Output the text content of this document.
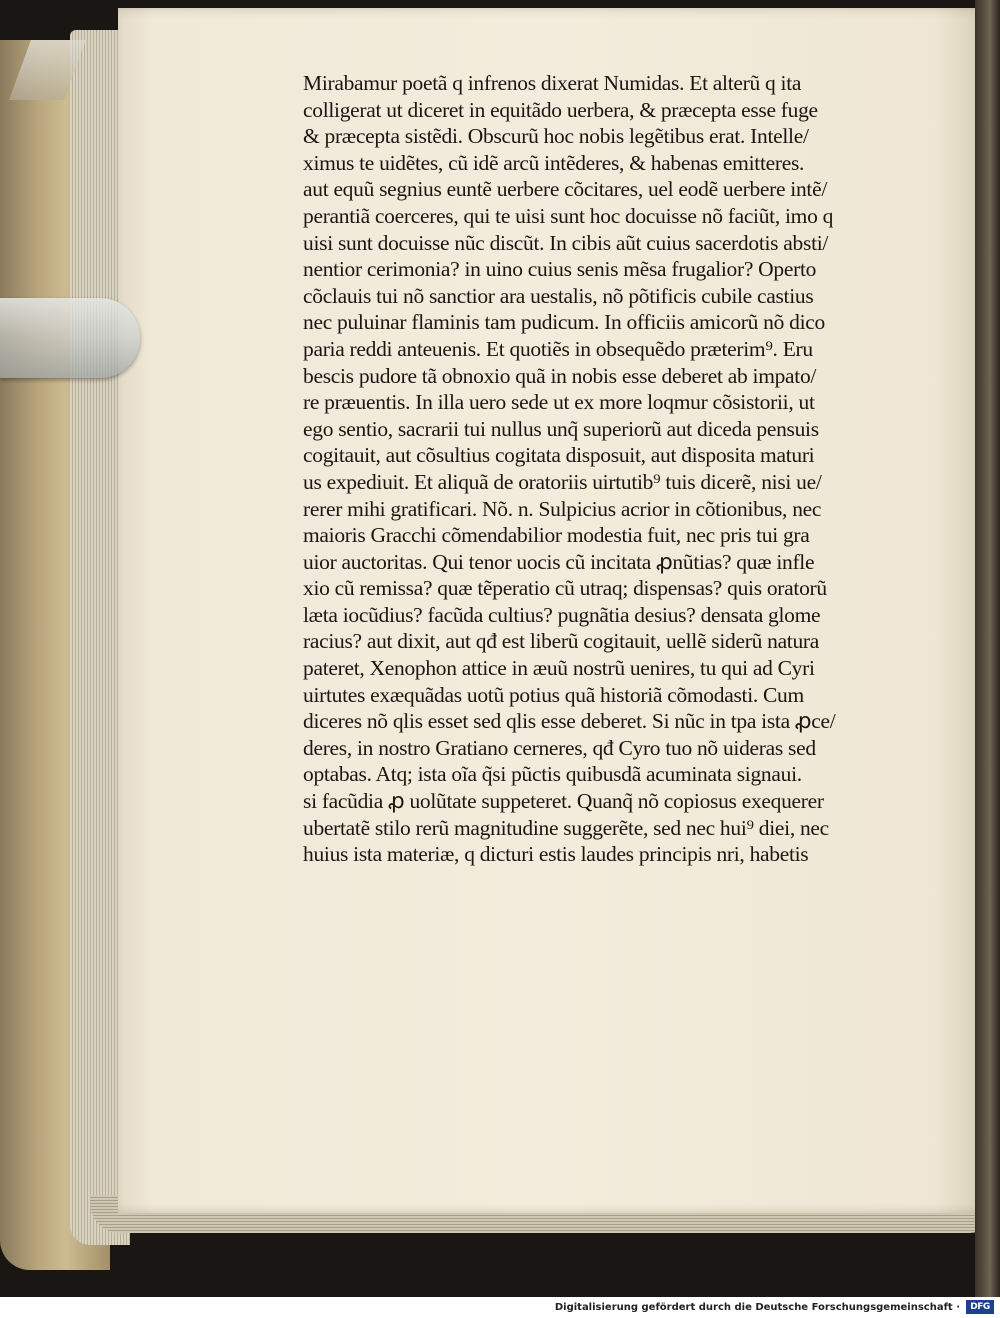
Mirabamur poetã q infrenos dixerat Numidas. Et alterũ q ita

colligerat ut diceret in equitãdo uerbera, & præcepta esse fuge

& præcepta sistẽdi. Obscurũ hoc nobis legẽtibus erat. Intelle/

ximus te uidẽtes, cũ idẽ arcũ intẽderes, & habenas emitteres.

aut equũ segnius euntẽ uerbere cõcitares, uel eodẽ uerbere intẽ/

perantiã coerceres, qui te uisi sunt hoc docuisse nõ faciũt, imo q

uisi sunt docuisse nũc discũt. In cibis aũt cuius sacerdotis absti/

nentior cerimonia? in uino cuius senis mẽsa frugalior? Operto

cõclauis tui nõ sanctior ara uestalis, nõ põtificis cubile castius

nec puluinar flaminis tam pudicum. In officiis amicorũ nõ dico

paria reddi anteuenis. Et quotiẽs in obsequẽdo præterim⁹. Eru

bescis pudore tã obnoxio quã in nobis esse deberet ab impato/

re præuentis. In illa uero sede ut ex more loqmur cõsistorii, ut

ego sentio, sacrarii tui nullus unq̃ superiorũ aut diceda pensuis

cogitauit, aut cõsultius cogitata disposuit, aut disposita maturi

us expediuit. Et aliquã de oratoriis uirtutib⁹ tuis dicerẽ, nisi ue/

rerer mihi gratificari. Nõ. n. Sulpicius acrior in cõtionibus, nec

maioris Gracchi cõmendabilior modestia fuit, nec pris tui gra

uior auctoritas. Qui tenor uocis cũ incitata ꝓnũtias? quæ inflе

xio cũ remissa? quæ tẽperatio cũ utraq; dispensas? quis oratorũ

læta iocũdius? facũda cultius? pugnãtia desius? densata glome

racius? aut dixit, aut qđ est liberũ cogitauit, uellẽ siderũ natura

pateret, Xenophon attice in æuũ nostrũ uenires, tu qui ad Cyri

uirtutes exæquãdas uotũ potius quã historiã cõmodasti. Cum

diceres nõ qlis esset sed qlis esse deberet. Si nũc in tpa ista ꝓce/

deres, in nostro Gratiano cerneres, qđ Cyro tuo nõ uideras sed

optabas. Atq; ista oĩa q̃si pũctis quibusdã acuminata signaui.

si facũdia ꝓ uolũtate suppeteret. Quanq̃ nõ copiosus exequerer

ubertatẽ stilo rerũ magnitudine suggerẽte, sed nec hui⁹ diei, nec

huius ista materiæ, q dicturi estis laudes principis nri, habetis

Digitalisierung gefördert durch die Deutsche Forschungsgemeinschaft ·	DFG
